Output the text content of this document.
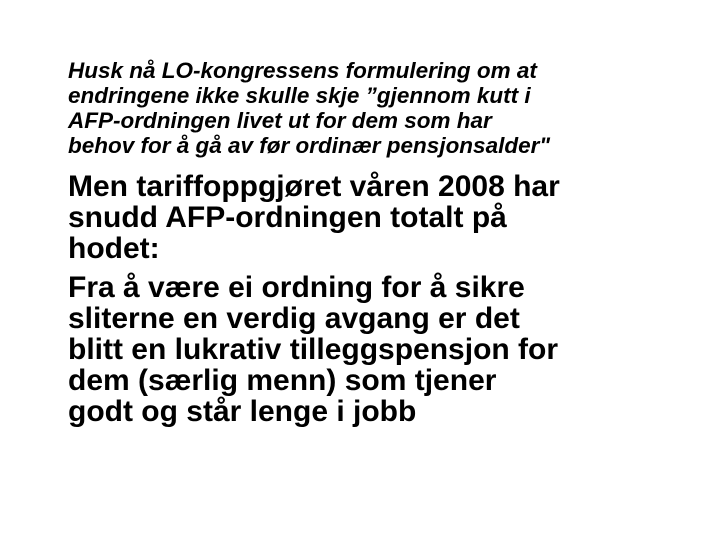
Husk nå LO-kongressens formulering om at
endringene ikke skulle skje ”gjennom kutt i
AFP-ordningen livet ut for dem som har
behov for å gå av før ordinær pensjonsalder"

Men tariffoppgjøret våren 2008 har
snudd AFP-ordningen totalt på
hodet:

Fra å være ei ordning for å sikre
sliterne en verdig avgang er det
blitt en lukrativ tilleggspensjon for
dem (særlig menn) som tjener
godt og står lenge i jobb
